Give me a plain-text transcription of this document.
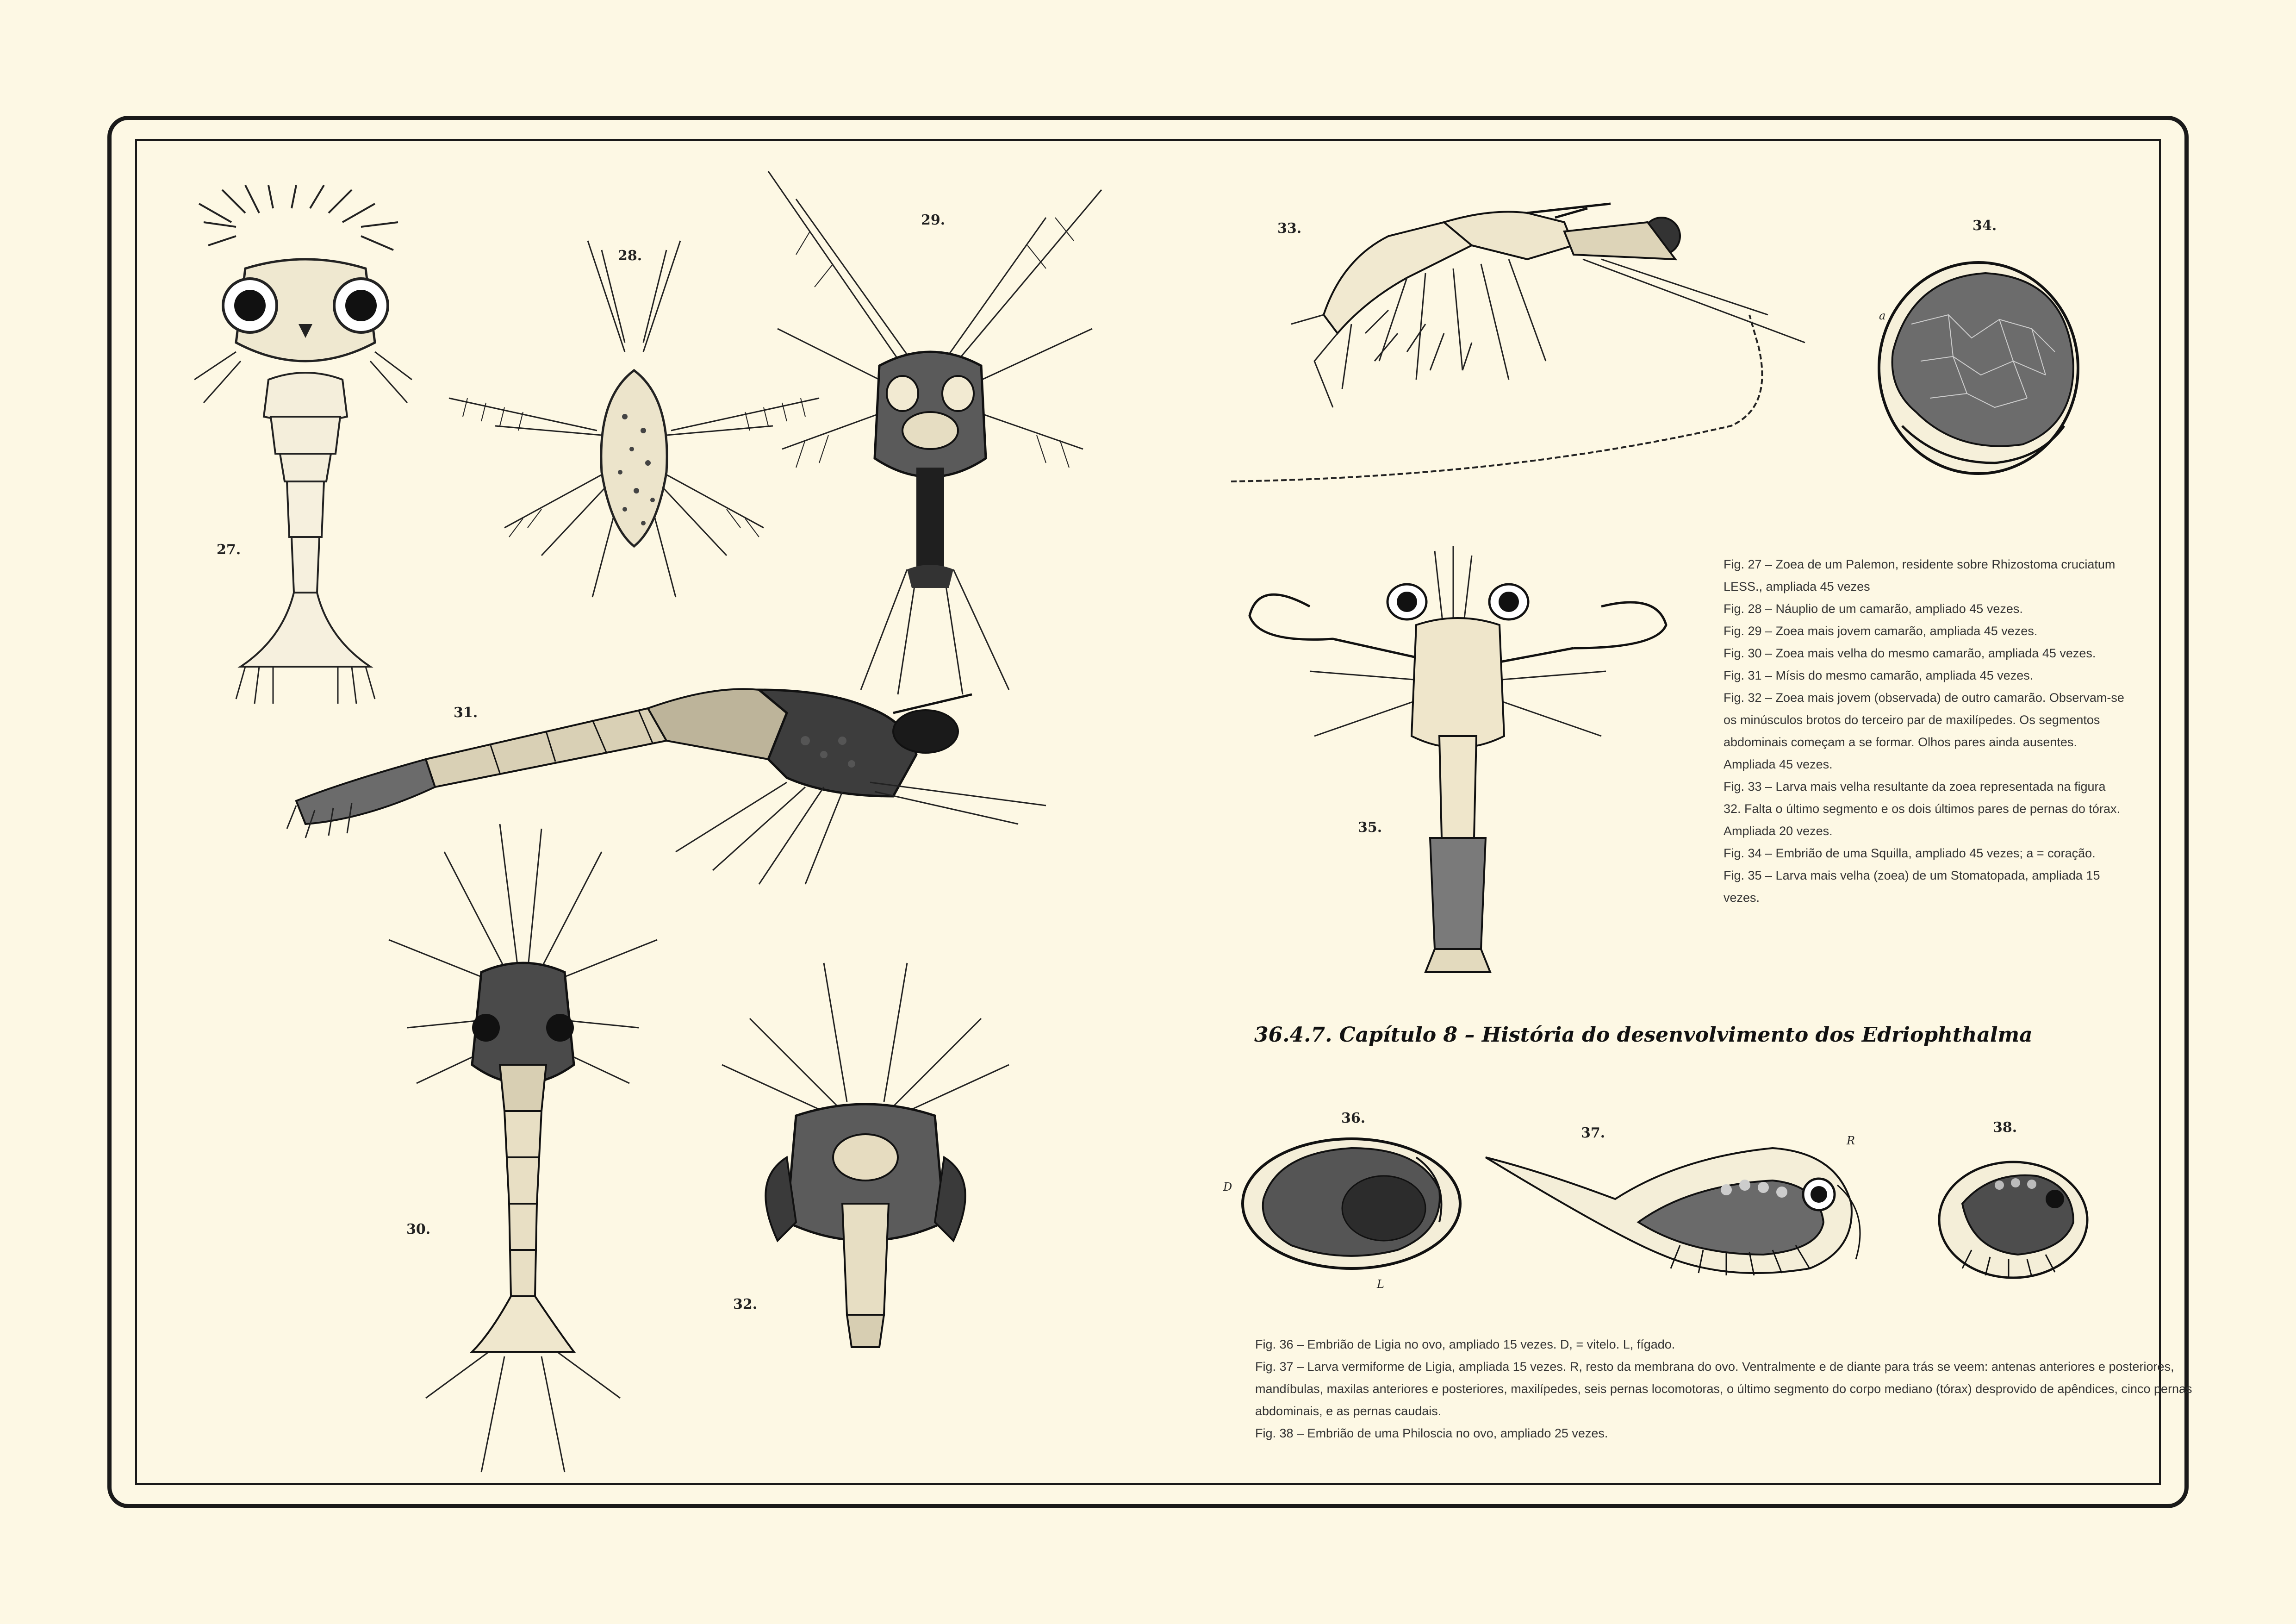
27.
28.
29.
31.
30.
32.
33.	34.
a
35.
Fig. 27 – Zoea de um Palemon, residente sobre Rhizostoma cruciatum
LESS., ampliada 45 vezes
Fig. 28 – Náuplio de um camarão, ampliado 45 vezes.
Fig. 29 – Zoea mais jovem camarão, ampliada 45 vezes.
Fig. 30 – Zoea mais velha do mesmo camarão, ampliada 45 vezes.
Fig. 31 – Mísis do mesmo camarão, ampliada 45 vezes.
Fig. 32 – Zoea mais jovem (observada) de outro camarão. Observam-se
os minúsculos brotos do terceiro par de maxilípedes. Os segmentos
abdominais começam a se formar. Olhos pares ainda ausentes.
Ampliada 45 vezes.
Fig. 33 – Larva mais velha resultante da zoea representada na figura
32. Falta o último segmento e os dois últimos pares de pernas do tórax.
Ampliada 20 vezes.
Fig. 34 – Embrião de uma Squilla, ampliado 45 vezes; a = coração.
Fig. 35 – Larva mais velha (zoea) de um Stomatopada, ampliada 15
vezes.
36.4.7. Capítulo 8 – História do desenvolvimento dos Edriophthalma
36.
D
L
37.	R
38.
Fig. 36 – Embrião de Ligia no ovo, ampliado 15 vezes. D, = vitelo. L, fígado.
Fig. 37 – Larva vermiforme de Ligia, ampliada 15 vezes. R, resto da membrana do ovo. Ventralmente e de diante para trás se veem: antenas anteriores e posteriores,
mandíbulas, maxilas anteriores e posteriores, maxilípedes, seis pernas locomotoras, o último segmento do corpo mediano (tórax) desprovido de apêndices, cinco pernas
abdominais, e as pernas caudais.
Fig. 38 – Embrião de uma Philoscia no ovo, ampliado 25 vezes.
